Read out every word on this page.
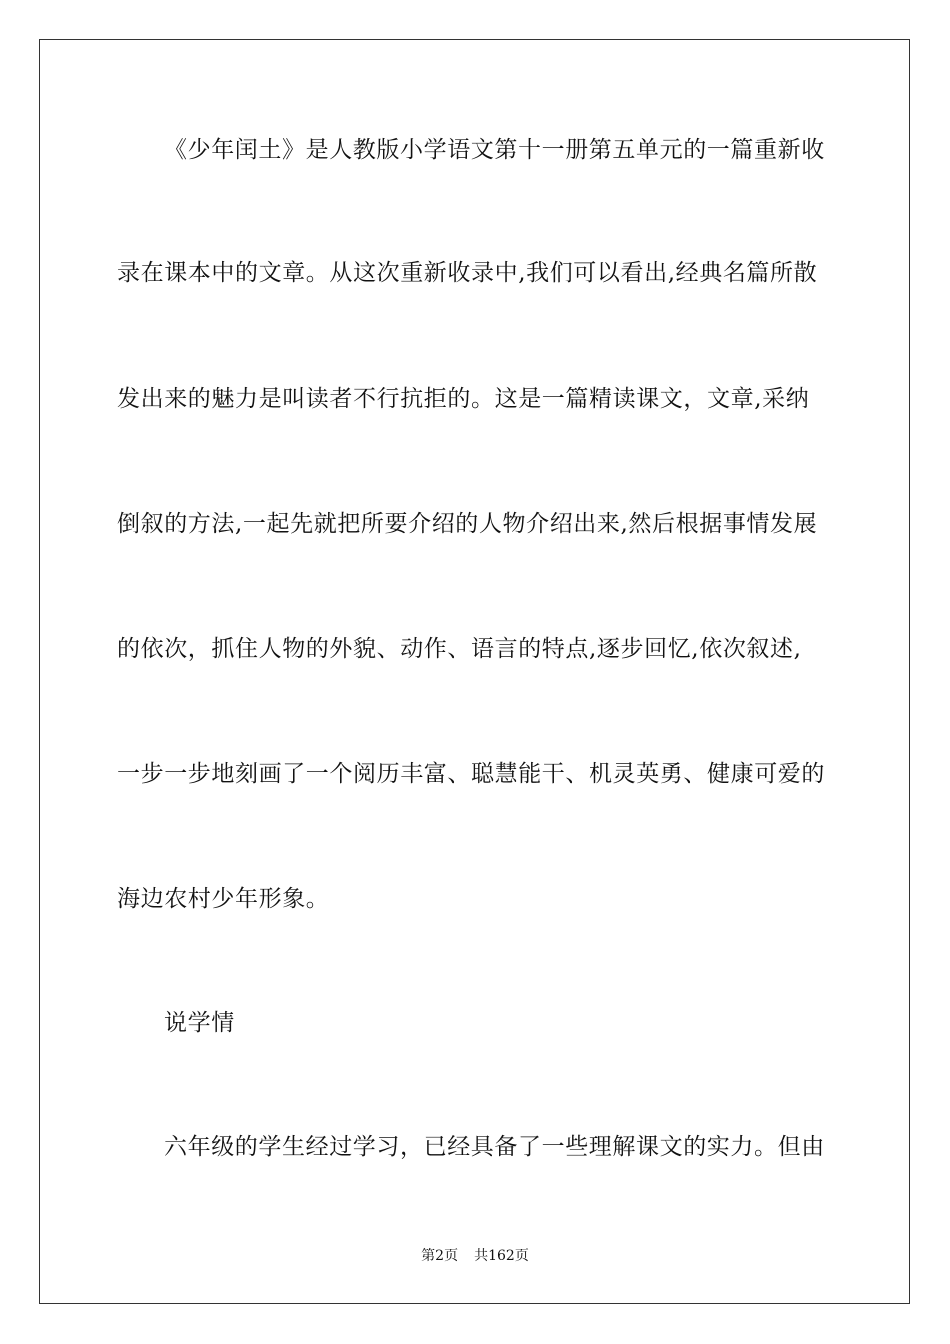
《少年闰土》是人教版小学语文第十一册第五单元的一篇重新收
录在课本中的文章。从这次重新收录中,我们可以看出,经典名篇所散
发出来的魅力是叫读者不行抗拒的。这是一篇精读课文，文章,采纳
倒叙的方法,一起先就把所要介绍的人物介绍出来,然后根据事情发展
的依次，抓住人物的外貌、动作、语言的特点,逐步回忆,依次叙述,
一步一步地刻画了一个阅历丰富、聪慧能干、机灵英勇、健康可爱的
海边农村少年形象。
说学情
六年级的学生经过学习，已经具备了一些理解课文的实力。但由
第2页 共162页
